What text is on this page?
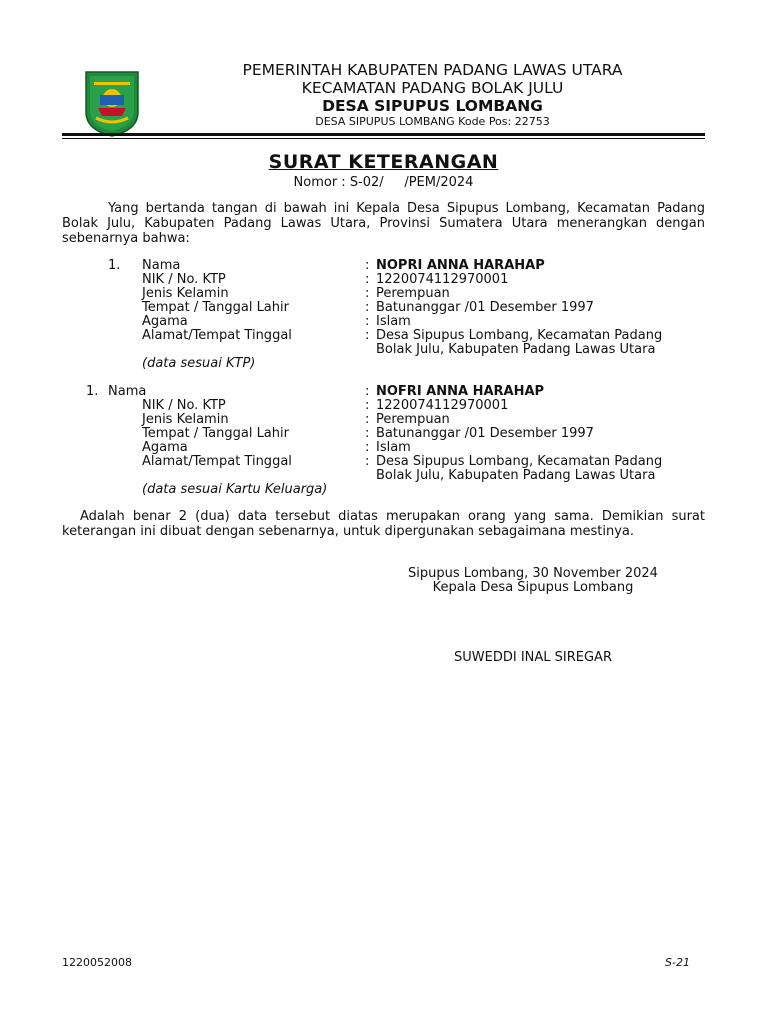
PEMERINTAH KABUPATEN PADANG LAWAS UTARA
KECAMATAN PADANG BOLAK JULU
DESA SIPUPUS LOMBANG
DESA SIPUPUS LOMBANG Kode Pos: 22753
SURAT KETERANGAN
Nomor : S-02/     /PEM/2024
Yang bertanda tangan di bawah ini Kepala Desa Sipupus Lombang, Kecamatan Padang Bolak Julu, Kabupaten Padang Lawas Utara, Provinsi Sumatera Utara menerangkan dengan sebenarnya bahwa:
1. Nama	: NOPRI ANNA HARAHAP
NIK / No. KTP	: 1220074112970001
Jenis Kelamin	: Perempuan
Tempat / Tanggal Lahir	: Batunanggar /01 Desember 1997
Agama	: Islam
Alamat/Tempat Tinggal	: Desa Sipupus Lombang, Kecamatan Padang
Bolak Julu, Kabupaten Padang Lawas Utara
(data sesuai KTP)
1. Nama	: NOFRI ANNA HARAHAP
NIK / No. KTP	: 1220074112970001
Jenis Kelamin	: Perempuan
Tempat / Tanggal Lahir	: Batunanggar /01 Desember 1997
Agama	: Islam
Alamat/Tempat Tinggal	: Desa Sipupus Lombang, Kecamatan Padang
Bolak Julu, Kabupaten Padang Lawas Utara
(data sesuai Kartu Keluarga)
Adalah benar 2 (dua) data tersebut diatas merupakan orang yang sama. Demikian surat keterangan ini dibuat dengan sebenarnya, untuk dipergunakan sebagaimana mestinya.
Sipupus Lombang, 30 November 2024
Kepala Desa Sipupus Lombang
SUWEDDI INAL SIREGAR
1220052008	S-21
